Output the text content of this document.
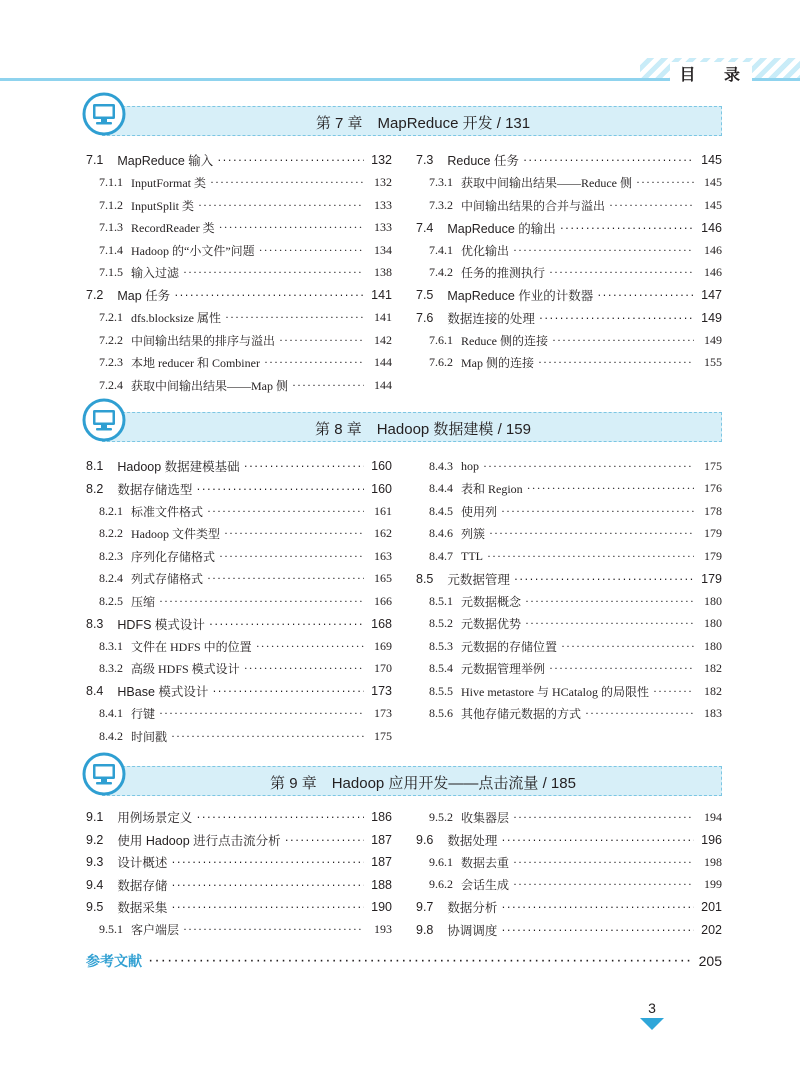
目 录
第 7 章　MapReduce 开发 / 131
7.1 MapReduce 输入 ·····	132
7.1.1 InputFormat 类 ·····	132
7.1.2 InputSplit 类 ·····	133
7.1.3 RecordReader 类 ·····	133
7.1.4 Hadoop 的“小文件”问题 ·····	134
7.1.5 输入过滤 ·····	138
7.2 Map 任务 ·····	141
7.2.1 dfs.blocksize 属性 ·····	141
7.2.2 中间输出结果的排序与溢出 ·····	142
7.2.3 本地 reducer 和 Combiner ·····	144
7.2.4 获取中间输出结果——Map 侧 ·····	144
7.3 Reduce 任务 ·····	145
7.3.1 获取中间输出结果——Reduce 侧 ·····	145
7.3.2 中间输出结果的合并与溢出 ·····	145
7.4 MapReduce 的输出 ·····	146
7.4.1 优化输出 ·····	146
7.4.2 任务的推测执行 ·····	146
7.5 MapReduce 作业的计数器 ·····	147
7.6 数据连接的处理 ·····	149
7.6.1 Reduce 侧的连接 ·····	149
7.6.2 Map 侧的连接 ·····	155
第 8 章　Hadoop 数据建模 / 159
8.1 Hadoop 数据建模基础 ·····	160
8.2 数据存储选型 ·····	160
8.2.1 标准文件格式 ·····	161
8.2.2 Hadoop 文件类型 ·····	162
8.2.3 序列化存储格式 ·····	163
8.2.4 列式存储格式 ·····	165
8.2.5 压缩 ·····	166
8.3 HDFS 模式设计 ·····	168
8.3.1 文件在 HDFS 中的位置 ·····	169
8.3.2 高级 HDFS 模式设计 ·····	170
8.4 HBase 模式设计 ·····	173
8.4.1 行键 ·····	173
8.4.2 时间戳 ·····	175
8.4.3 hop ·····	175
8.4.4 表和 Region ·····	176
8.4.5 使用列 ·····	178
8.4.6 列簇 ·····	179
8.4.7 TTL ·····	179
8.5 元数据管理 ·····	179
8.5.1 元数据概念 ·····	180
8.5.2 元数据优势 ·····	180
8.5.3 元数据的存储位置 ·····	180
8.5.4 元数据管理举例 ·····	182
8.5.5 Hive metastore 与 HCatalog 的局限性 ·····	182
8.5.6 其他存储元数据的方式 ·····	183
第 9 章　Hadoop 应用开发——点击流量 / 185
9.1 用例场景定义 ·····	186
9.2 使用 Hadoop 进行点击流分析 ·····	187
9.3 设计概述 ·····	187
9.4 数据存储 ·····	188
9.5 数据采集 ·····	190
9.5.1 客户端层 ·····	193
9.5.2 收集器层 ·····	194
9.6 数据处理 ·····	196
9.6.1 数据去重 ·····	198
9.6.2 会话生成 ·····	199
9.7 数据分析 ·····	201
9.8 协调调度 ·····	202
参考文献 ·····	205
3
